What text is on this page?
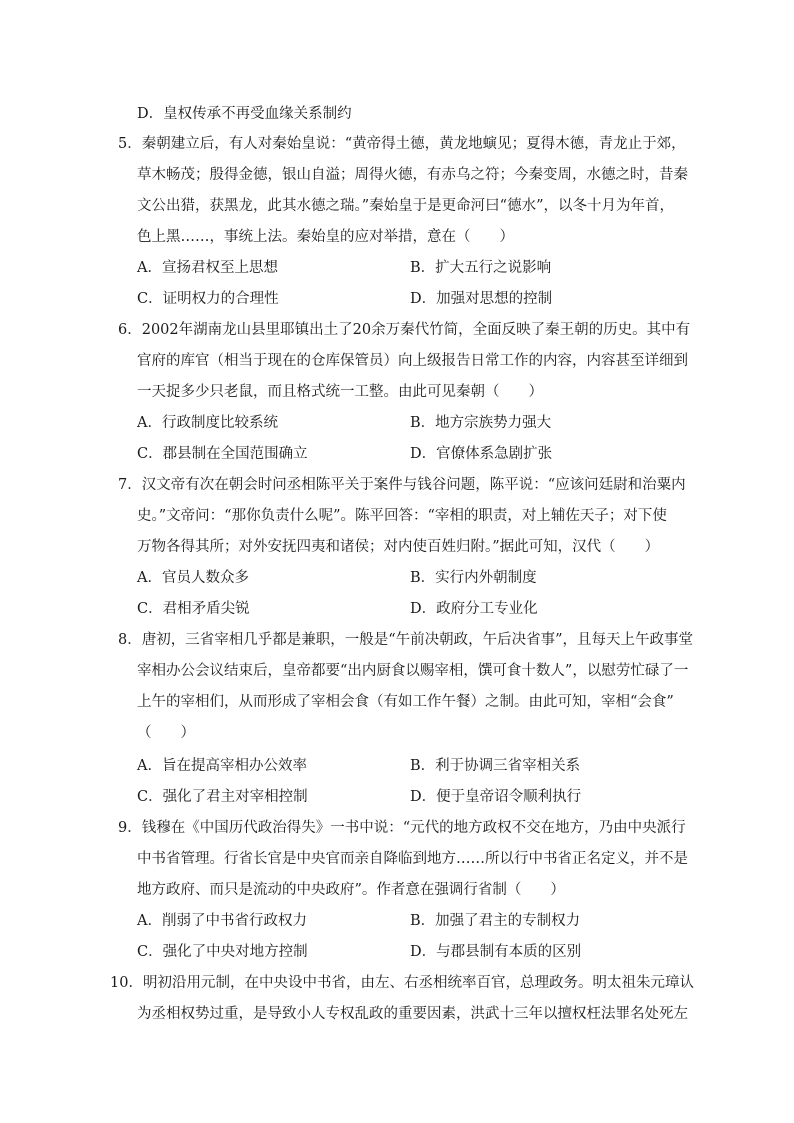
D．皇权传承不再受血缘关系制约
5．秦朝建立后，有人对秦始皇说：“黄帝得土德，黄龙地螾见；夏得木德，青龙止于郊，
草木畅茂；殷得金德，银山自溢；周得火德，有赤乌之符；今秦变周，水德之时，昔秦
文公出猎，获黑龙，此其水德之瑞。”秦始皇于是更命河曰“德水”，以冬十月为年首，
色上黑……，事统上法。秦始皇的应对举措，意在（　　）
A．宣扬君权至上思想	B．扩大五行之说影响
C．证明权力的合理性	D．加强对思想的控制
6．2002年湖南龙山县里耶镇出土了20余万秦代竹简，全面反映了秦王朝的历史。其中有
官府的库官（相当于现在的仓库保管员）向上级报告日常工作的内容，内容甚至详细到
一天捉多少只老鼠，而且格式统一工整。由此可见秦朝（　　）
A．行政制度比较系统	B．地方宗族势力强大
C．郡县制在全国范围确立	D．官僚体系急剧扩张
7．汉文帝有次在朝会时问丞相陈平关于案件与钱谷问题，陈平说：“应该问廷尉和治粟内
史。”文帝问：“那你负责什么呢”。陈平回答：“宰相的职责，对上辅佐天子；对下使
万物各得其所；对外安抚四夷和诸侯；对内使百姓归附。”据此可知，汉代（　　）
A．官员人数众多	B．实行内外朝制度
C．君相矛盾尖锐	D．政府分工专业化
8．唐初，三省宰相几乎都是兼职，一般是“午前决朝政，午后决省事”，且每天上午政事堂
宰相办公会议结束后，皇帝都要“出内厨食以赐宰相，馔可食十数人”，以慰劳忙碌了一
上午的宰相们，从而形成了宰相会食（有如工作午餐）之制。由此可知，宰相“会食”
（　　）
A．旨在提高宰相办公效率	B．利于协调三省宰相关系
C．强化了君主对宰相控制	D．便于皇帝诏令顺利执行
9．钱穆在《中国历代政治得失》一书中说：“元代的地方政权不交在地方，乃由中央派行
中书省管理。行省长官是中央官而亲自降临到地方……所以行中书省正名定义，并不是
地方政府、而只是流动的中央政府”。作者意在强调行省制（　　）
A．削弱了中书省行政权力	B．加强了君主的专制权力
C．强化了中央对地方控制	D．与郡县制有本质的区别
10．明初沿用元制，在中央设中书省，由左、右丞相统率百官，总理政务。明太祖朱元璋认
为丞相权势过重，是导致小人专权乱政的重要因素，洪武十三年以擅权枉法罪名处死左
